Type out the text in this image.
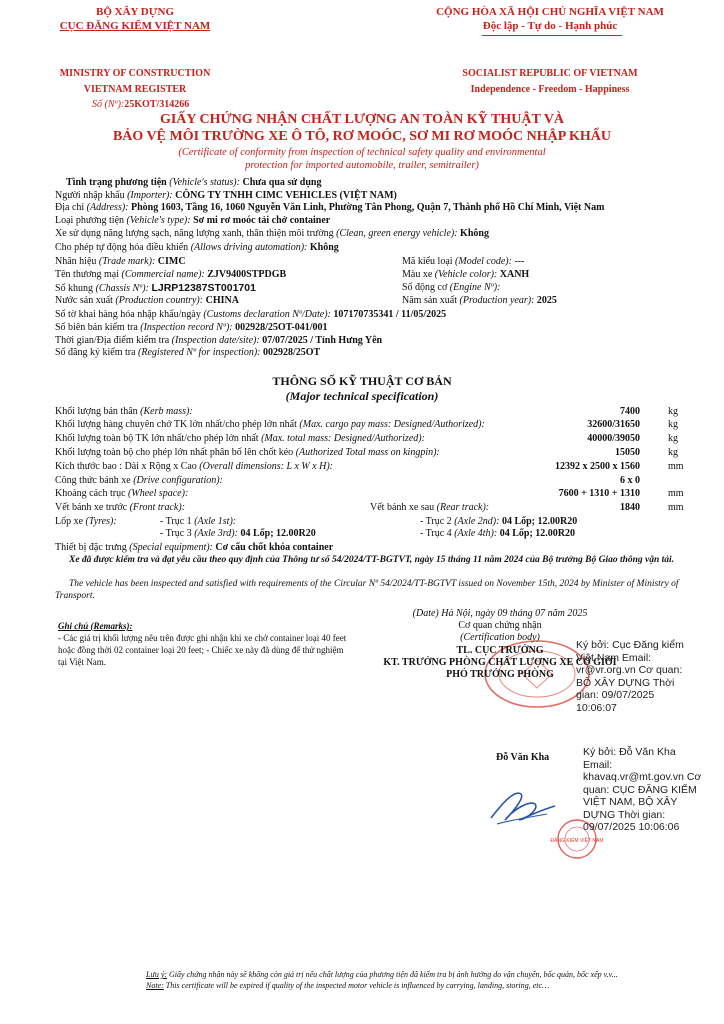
BỘ XÂY DỰNG
CỤC ĐĂNG KIỂM VIỆT NAM
MINISTRY OF CONSTRUCTION
VIETNAM REGISTER
Số (Nº):25KOT/314266
CỘNG HÒA XÃ HỘI CHỦ NGHĨA VIỆT NAM
Độc lập - Tự do - Hạnh phúc
SOCIALIST REPUBLIC OF VIETNAM
Independence - Freedom - Happiness
GIẤY CHỨNG NHẬN CHẤT LƯỢNG AN TOÀN KỸ THUẬT VÀ
BẢO VỆ MÔI TRƯỜNG XE Ô TÔ, RƠ MOÓC, SƠ MI RƠ MOÓC NHẬP KHẨU
(Certificate of conformity from inspection of technical safety quality and environmental
protection for imported automobile, trailer, semitrailer)
Tình trạng phương tiện (Vehicle's status): Chưa qua sử dụng
Người nhập khẩu (Importer): CÔNG TY TNHH CIMC VEHICLES (VIỆT NAM)
Địa chỉ (Address): Phòng 1603, Tầng 16, 1060 Nguyễn Văn Linh, Phường Tân Phong, Quận 7, Thành phố Hồ Chí Minh, Việt Nam
Loại phương tiện (Vehicle's type): Sơ mi rơ moóc tải chở container
Xe sử dụng năng lượng sạch, năng lượng xanh, thân thiện môi trường (Clean, green energy vehicle): Không
Cho phép tự động hóa điều khiển (Allows driving automation): Không
Nhãn hiệu (Trade mark): CIMC	Mã kiểu loại (Model code): ---
Tên thương mại (Commercial name): ZJV9400STPDGB	Màu xe (Vehicle color): XANH
Số khung (Chassis Nº): LJRP12387ST001701	Số động cơ (Engine Nº):
Nước sản xuất (Production country): CHINA	Năm sản xuất (Production year): 2025
Số tờ khai hàng hóa nhập khẩu/ngày (Customs declaration Nº/Date): 107170735341 / 11/05/2025
Số biên bản kiểm tra (Inspection record Nº): 002928/25OT-041/001
Thời gian/Địa điểm kiểm tra (Inspection date/site): 07/07/2025 / Tỉnh Hưng Yên
Số đăng ký kiểm tra (Registered Nº for inspection): 002928/25OT
THÔNG SỐ KỸ THUẬT CƠ BẢN
(Major technical specification)
Khối lượng bản thân (Kerb mass):	7400	kg
Khối lượng hàng chuyên chở TK lớn nhất/cho phép lớn nhất (Max. cargo pay mass: Designed/Authorized):	32600/31650	kg
Khối lượng toàn bộ TK lớn nhất/cho phép lớn nhất (Max. total mass: Designed/Authorized):	40000/39050	kg
Khối lượng toàn bộ cho phép lớn nhất phân bố lên chốt kéo (Authorized Total mass on kingpin):	15050	kg
Kích thước bao : Dài x Rộng x Cao (Overall dimensions: L x W x H):	12392 x 2500 x 1560	mm
Công thức bánh xe (Drive configuration):	6 x 0
Khoảng cách trục (Wheel space):	7600 + 1310 + 1310	mm
Vết bánh xe trước (Front track):	Vết bánh xe sau (Rear track):	1840	mm
Lốp xe (Tyres):	- Trục 1 (Axle 1st):	- Trục 2 (Axle 2nd): 04 Lốp; 12.00R20
- Trục 3 (Axle 3rd): 04 Lốp; 12.00R20	- Trục 4 (Axle 4th): 04 Lốp; 12.00R20
Thiết bị đặc trưng (Special equipment): Cơ cấu chốt khóa container
Xe đã được kiểm tra và đạt yêu cầu theo quy định của Thông tư số 54/2024/TT-BGTVT, ngày 15 tháng 11 năm 2024 của Bộ trưởng Bộ Giao thông vận tải.
The vehicle has been inspected and satisfied with requirements of the Circular Nº 54/2024/TT-BGTVT issued on November 15th, 2024 by Minister of Ministry of Transport.
Ghi chú (Remarks):
- Các giá trị khối lượng nêu trên được ghi nhận khi xe chở container loại 40 feet hoặc đồng thời 02 container loại 20 feet; - Chiếc xe này đã dùng để thử nghiệm tại Việt Nam.
(Date) Hà Nội, ngày 09 tháng 07 năm 2025
Cơ quan chứng nhận
(Certification body)
TL. CỤC TRƯỞNG
KT. TRƯỞNG PHÒNG CHẤT LƯỢNG XE CƠ GIỚI
PHÓ TRƯỞNG PHÒNG
Ký bởi: Cục Đăng kiểm Việt Nam Email: vr@vr.org.vn Cơ quan: BỘ XÂY DỰNG Thời gian: 09/07/2025 10:06:07
Đỗ Văn Kha
ĐĂNG KIỂM VIỆT NAM
Ký bởi: Đỗ Văn Kha Email: khavaq.vr@mt.gov.vn Cơ quan: CỤC ĐĂNG KIỂM VIỆT NAM, BỘ XÂY DỰNG Thời gian: 09/07/2025 10:06:06
Lưu ý: Giấy chứng nhận này sẽ không còn giá trị nếu chất lượng của phương tiện đã kiểm tra bị ảnh hưởng do vận chuyển, bốc quản, bốc xếp v.v...
Note: This certificate will be expired if quality of the inspected motor vehicle is influenced by carrying, landing, storing, etc…
